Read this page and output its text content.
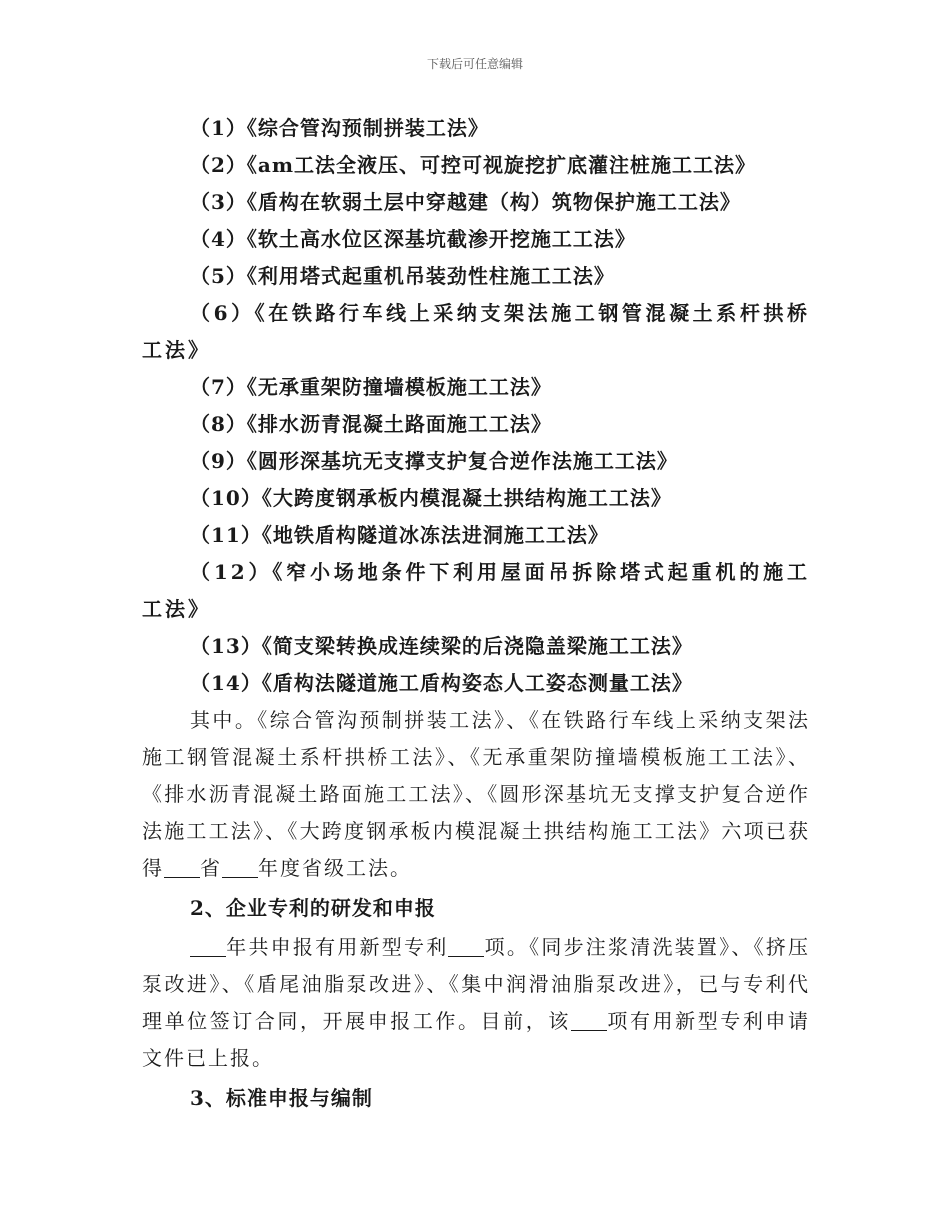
下载后可任意编辑
（1）《综合管沟预制拼装工法》
（2）《am工法全液压、可控可视旋挖扩底灌注桩施工工法》
（3）《盾构在软弱土层中穿越建（构）筑物保护施工工法》
（4）《软土高水位区深基坑截渗开挖施工工法》
（5）《利用塔式起重机吊装劲性柱施工工法》
（6）《在铁路行车线上采纳支架法施工钢管混凝土系杆拱桥工法》
（7）《无承重架防撞墙模板施工工法》
（8）《排水沥青混凝土路面施工工法》
（9）《圆形深基坑无支撑支护复合逆作法施工工法》
（10）《大跨度钢承板内模混凝土拱结构施工工法》
（11）《地铁盾构隧道冰冻法进洞施工工法》
（12）《窄小场地条件下利用屋面吊拆除塔式起重机的施工工法》
（13）《简支梁转换成连续梁的后浇隐盖梁施工工法》
（14）《盾构法隧道施工盾构姿态人工姿态测量工法》
其中。《综合管沟预制拼装工法》、《在铁路行车线上采纳支架法施工钢管混凝土系杆拱桥工法》、《无承重架防撞墙模板施工工法》、《排水沥青混凝土路面施工工法》、《圆形深基坑无支撑支护复合逆作法施工工法》、《大跨度钢承板内模混凝土拱结构施工工法》六项已获得 省 年度省级工法。
2、企业专利的研发和申报
年共申报有用新型专利 项。《同步注浆清洗装置》、《挤压泵改进》、《盾尾油脂泵改进》、《集中润滑油脂泵改进》，已与专利代理单位签订合同，开展申报工作。目前，该 项有用新型专利申请文件已上报。
3、标准申报与编制
